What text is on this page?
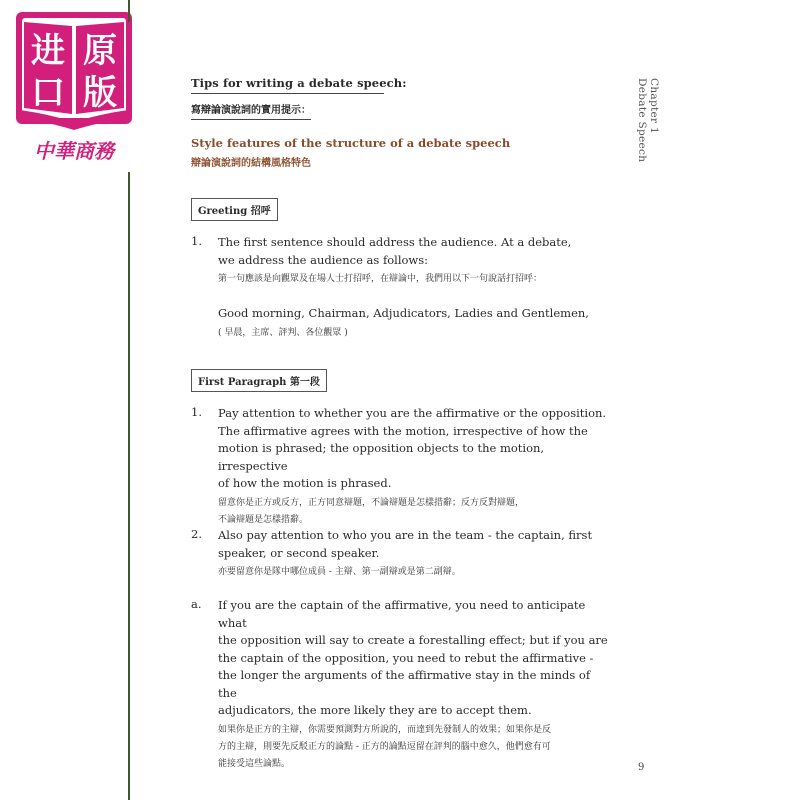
进 原
口 版
中華商務
Tips for writing a debate speech:
寫辯論演說詞的實用提示：
Style features of the structure of a debate speech
辯論演說詞的結構風格特色
Greeting 招呼
1. The first sentence should address the audience. At a debate,
we address the audience as follows:
第一句應該是向觀眾及在場人士打招呼，在辯論中，我們用以下一句說話打招呼：
Good morning, Chairman, Adjudicators, Ladies and Gentlemen,
( 早晨，主席、評判、各位觀眾 )
First Paragraph 第一段
1. Pay attention to whether you are the affirmative or the opposition.
The affirmative agrees with the motion, irrespective of how the
motion is phrased; the opposition objects to the motion, irrespective
of how the motion is phrased.
留意你是正方或反方，正方同意辯題，不論辯題是怎樣措辭；反方反對辯題，
不論辯題是怎樣措辭。
2. Also pay attention to who you are in the team - the captain, first
speaker, or second speaker.
亦要留意你是隊中哪位成員 - 主辯、第一副辯或是第二副辯。
a. If you are the captain of the affirmative, you need to anticipate what
the opposition will say to create a forestalling effect; but if you are
the captain of the opposition, you need to rebut the affirmative -
the longer the arguments of the affirmative stay in the minds of the
adjudicators, the more likely they are to accept them.
如果你是正方的主辯，你需要預測對方所說的，而達到先發制人的效果；如果你是反
方的主辯，則要先反駁正方的論點 - 正方的論點逗留在評判的腦中愈久，他們愈有可
能接受這些論點。
Chapter 1
Debate Speech
9
